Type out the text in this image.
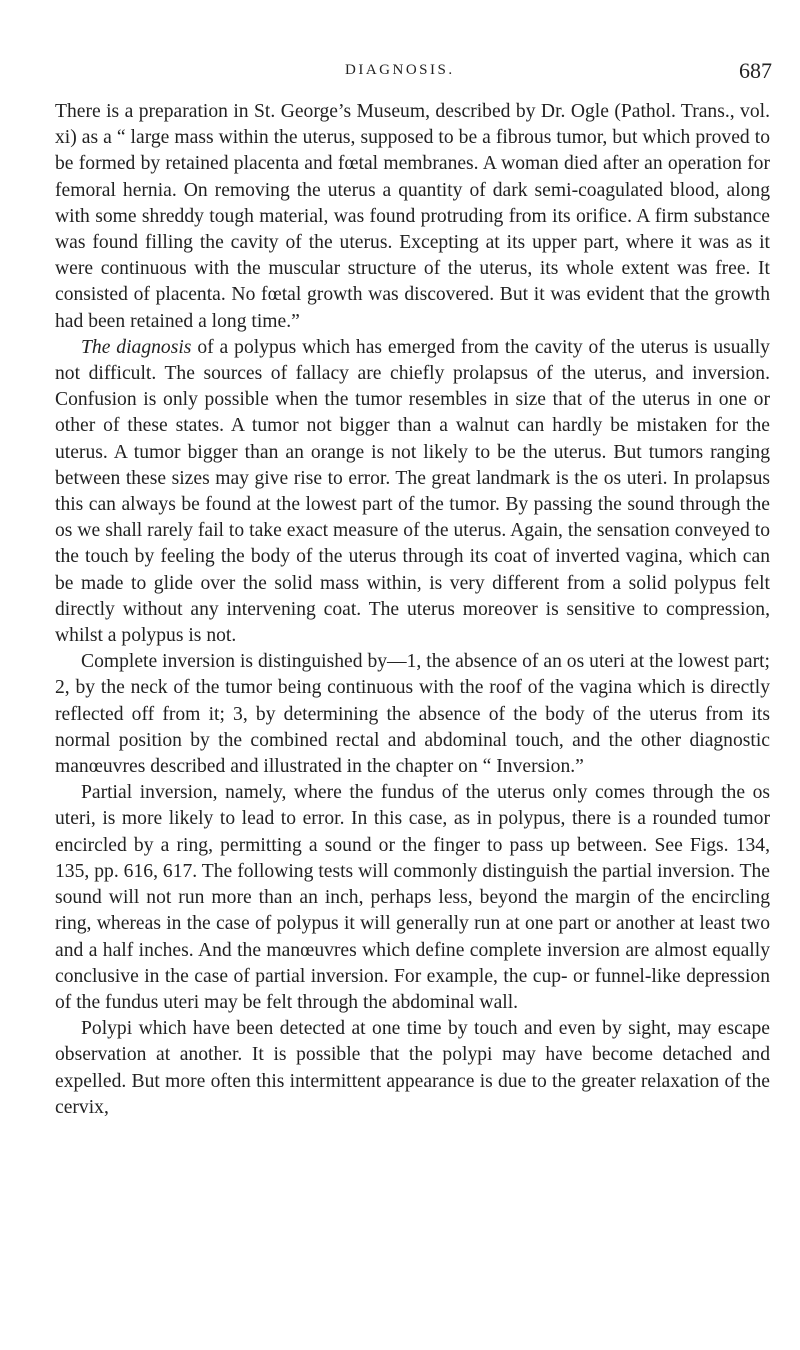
DIAGNOSIS.	687

There is a preparation in St. George’s Museum, described by Dr. Ogle (Pathol. Trans., vol. xi) as a “ large mass within the uterus, supposed to be a fibrous tumor, but which proved to be formed by retained placenta and fœtal membranes. A woman died after an operation for femoral hernia. On removing the uterus a quantity of dark semi-coagulated blood, along with some shreddy tough material, was found protruding from its orifice. A firm substance was found filling the cavity of the uterus. Excepting at its upper part, where it was as it were continuous with the muscular structure of the uterus, its whole extent was free. It consisted of placenta. No fœtal growth was discovered. But it was evident that the growth had been retained a long time.”

The diagnosis of a polypus which has emerged from the cavity of the uterus is usually not difficult. The sources of fallacy are chiefly prolapsus of the uterus, and inversion. Confusion is only possible when the tumor resembles in size that of the uterus in one or other of these states. A tumor not bigger than a walnut can hardly be mistaken for the uterus. A tumor bigger than an orange is not likely to be the uterus. But tumors ranging between these sizes may give rise to error. The great landmark is the os uteri. In prolapsus this can always be found at the lowest part of the tumor. By passing the sound through the os we shall rarely fail to take exact measure of the uterus. Again, the sensation conveyed to the touch by feeling the body of the uterus through its coat of inverted vagina, which can be made to glide over the solid mass within, is very different from a solid polypus felt directly without any intervening coat. The uterus moreover is sensitive to compression, whilst a polypus is not.

Complete inversion is distinguished by—1, the absence of an os uteri at the lowest part; 2, by the neck of the tumor being continuous with the roof of the vagina which is directly reflected off from it; 3, by determining the absence of the body of the uterus from its normal position by the combined rectal and abdominal touch, and the other diagnostic manœuvres described and illustrated in the chapter on “ Inversion.”

Partial inversion, namely, where the fundus of the uterus only comes through the os uteri, is more likely to lead to error. In this case, as in polypus, there is a rounded tumor encircled by a ring, permitting a sound or the finger to pass up between. See Figs. 134, 135, pp. 616, 617. The following tests will commonly distinguish the partial inversion. The sound will not run more than an inch, perhaps less, beyond the margin of the encircling ring, whereas in the case of polypus it will generally run at one part or another at least two and a half inches. And the manœuvres which define complete inversion are almost equally conclusive in the case of partial inversion. For example, the cup- or funnel-like depression of the fundus uteri may be felt through the abdominal wall.

Polypi which have been detected at one time by touch and even by sight, may escape observation at another. It is possible that the polypi may have become detached and expelled. But more often this intermittent appearance is due to the greater relaxation of the cervix,
